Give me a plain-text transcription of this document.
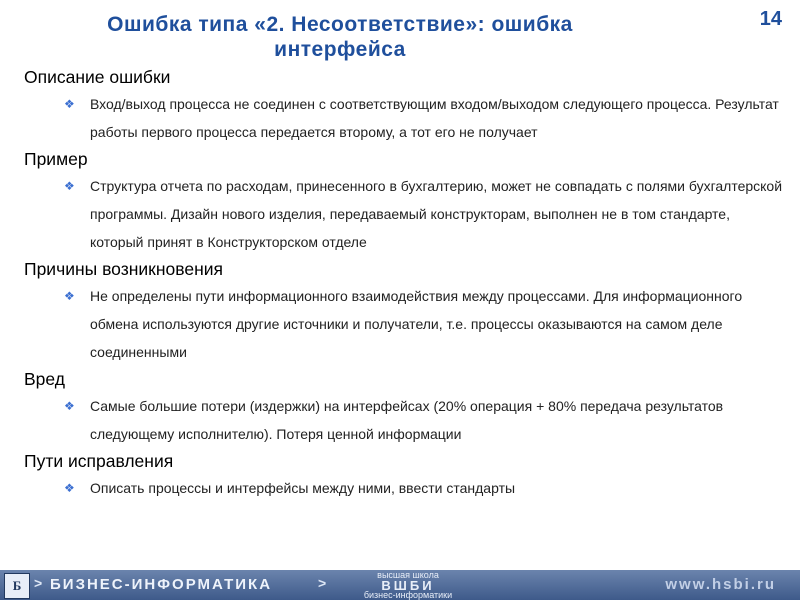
Ошибка типа «2. Несоответствие»: ошибка
интерфейса
14

Описание ошибки

❖ Вход/выход процесса не соединен с соответствующим входом/выходом следующего процесса. Результат работы первого процесса передается второму, а тот его не получает

Пример

❖ Структура отчета по расходам, принесенного в бухгалтерию, может не совпадать с полями бухгалтерской программы. Дизайн нового изделия, передаваемый конструкторам, выполнен не в том стандарте, который принят в Конструкторском отделе

Причины возникновения

❖ Не определены пути информационного взаимодействия между процессами. Для информационного обмена используются другие источники и получатели, т.е. процессы оказываются на самом деле соединенными

Вред

❖ Самые большие потери (издержки) на интерфейсах (20% операция + 80% передача результатов следующему исполнителю). Потеря ценной информации

Пути исправления

❖ Описать процессы и интерфейсы между ними, ввести стандарты

Б > БИЗНЕС-ИНФОРМАТИКА	>	высшая школа
ВШБИ
бизнес-информатики
www.hsbi.ru
